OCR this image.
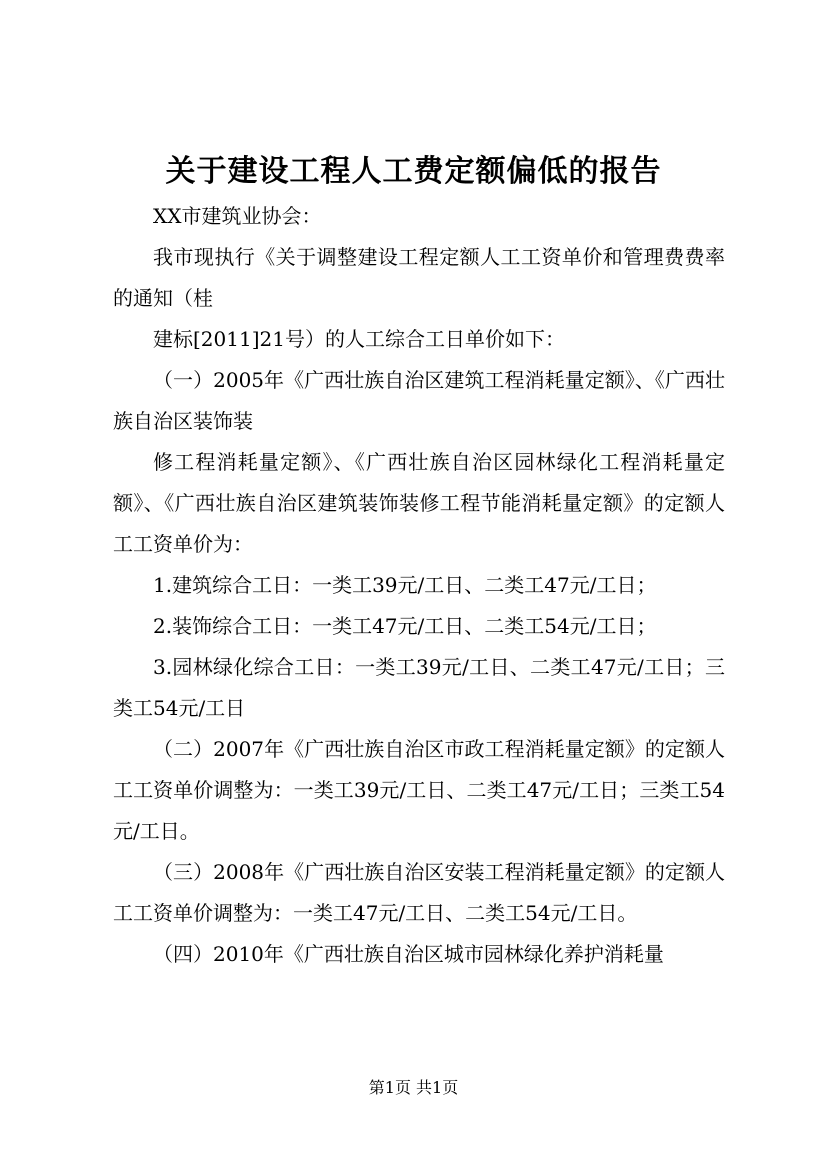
关于建设工程人工费定额偏低的报告

XX市建筑业协会：

我市现执行《关于调整建设工程定额人工工资单价和管理费费率的通知（桂

建标[2011]21号）的人工综合工日单价如下：

（一）2005年《广西壮族自治区建筑工程消耗量定额》、《广西壮族自治区装饰装

修工程消耗量定额》、《广西壮族自治区园林绿化工程消耗量定额》、《广西壮族自治区建筑装饰装修工程节能消耗量定额》的定额人工工资单价为：

1.建筑综合工日：一类工39元/工日、二类工47元/工日；

2.装饰综合工日：一类工47元/工日、二类工54元/工日；

3.园林绿化综合工日：一类工39元/工日、二类工47元/工日；三类工54元/工日

（二）2007年《广西壮族自治区市政工程消耗量定额》的定额人工工资单价调整为：一类工39元/工日、二类工47元/工日；三类工54元/工日。

（三）2008年《广西壮族自治区安装工程消耗量定额》的定额人工工资单价调整为：一类工47元/工日、二类工54元/工日。

（四）2010年《广西壮族自治区城市园林绿化养护消耗量

第1页 共1页
